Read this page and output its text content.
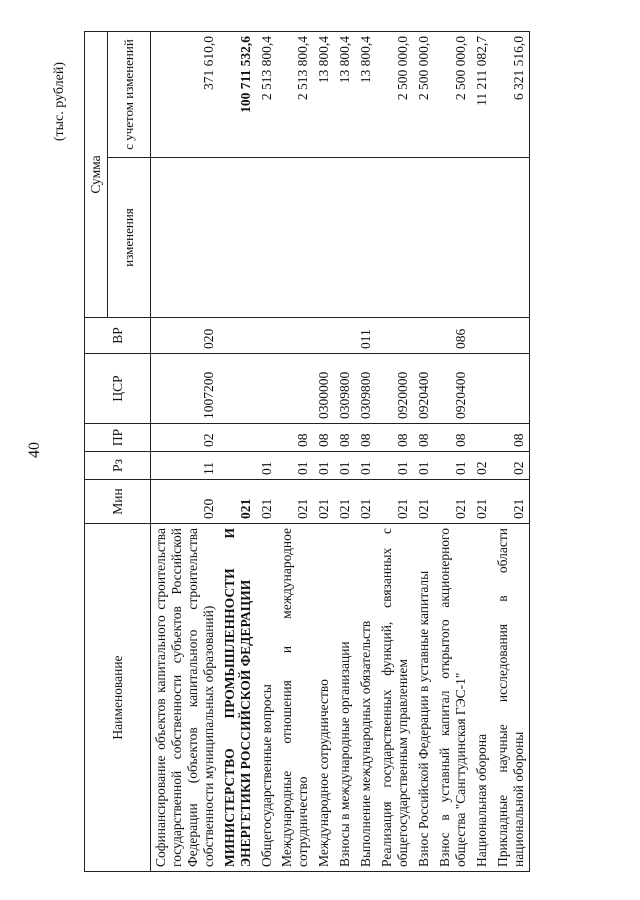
40
(тыс. рублей)
Наименование	Мин	Рз	ПР	ЦСР	ВР	Сумма	
						изменения	с учетом изменений
Софинансирование объектов капитального строительства государственной собственности субъектов Российской Федерации (объектов капитального строительства собственности муниципальных образований)	020	11	02	1007200	020		371 610,0
МИНИСТЕРСТВО ПРОМЫШЛЕННОСТИ И ЭНЕРГЕТИКИ РОССИЙСКОЙ ФЕДЕРАЦИИ	021						100 711 532,6
Общегосударственные вопросы	021	01					2 513 800,4
Международные отношения и международное сотрудничество	021	01	08				2 513 800,4
Международное сотрудничество	021	01	08	0300000			13 800,4
Взносы в международные организации	021	01	08	0309800			13 800,4
Выполнение международных обязательств	021	01	08	0309800	011		13 800,4
Реализация государственных функций, связанных с общегосударственным управлением	021	01	08	0920000			2 500 000,0
Взнос Российской Федерации в уставные капиталы	021	01	08	0920400			2 500 000,0
Взнос в уставный капитал открытого акционерного общества "Сангтудинская ГЭС-1"	021	01	08	0920400	086		2 500 000,0
Национальная оборона	021	02					11 211 082,7
Прикладные научные исследования в области национальной обороны	021	02	08				6 321 516,0
